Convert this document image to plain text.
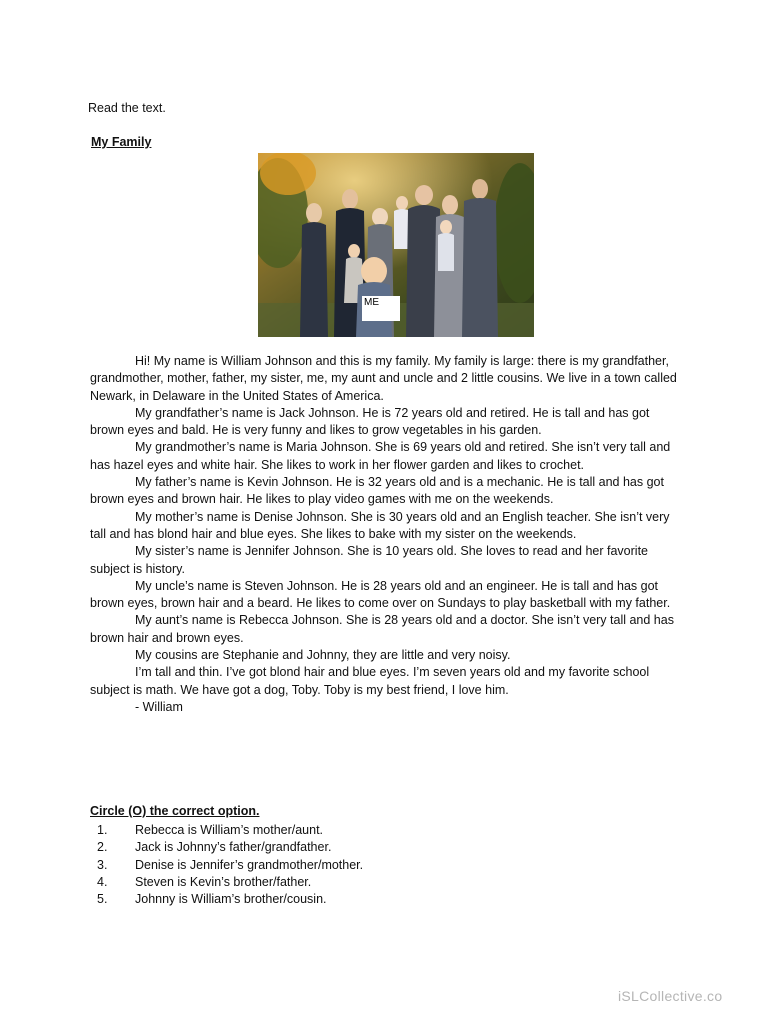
Read the text.
My Family
ME

Hi! My name is William Johnson and this is my family. My family is large: there is my grandfather, grandmother, mother, father, my sister, me, my aunt and uncle and 2 little cousins. We live in a town called Newark, in Delaware in the United States of America.

My grandfather’s name is Jack Johnson. He is 72 years old and retired. He is tall and has got brown eyes and bald. He is very funny and likes to grow vegetables in his garden.

My grandmother’s name is Maria Johnson. She is 69 years old and retired. She isn’t very tall and has hazel eyes and white hair. She likes to work in her flower garden and likes to crochet.

My father’s name is Kevin Johnson. He is 32 years old and is a mechanic. He is tall and has got brown eyes and brown hair. He likes to play video games with me on the weekends.

My mother’s name is Denise Johnson. She is 30 years old and an English teacher. She isn’t very tall and has blond hair and blue eyes. She likes to bake with my sister on the weekends.

My sister’s name is Jennifer Johnson. She is 10 years old. She loves to read and her favorite subject is history.

My uncle’s name is Steven Johnson. He is 28 years old and an engineer. He is tall and has got brown eyes, brown hair and a beard. He likes to come over on Sundays to play basketball with my father.

My aunt’s name is Rebecca Johnson. She is 28 years old and a doctor. She isn’t very tall and has brown hair and brown eyes.

My cousins are Stephanie and Johnny, they are little and very noisy.

I’m tall and thin. I’ve got blond hair and blue eyes. I’m seven years old and my favorite school subject is math. We have got a dog, Toby. Toby is my best friend, I love him.

- William
Circle (O) the correct option.
1.	Rebecca is William’s mother/aunt.
2.	Jack is Johnny’s father/grandfather.
3.	Denise is Jennifer’s grandmother/mother.
4.	Steven is Kevin’s brother/father.
5.	Johnny is William’s brother/cousin.
iSLCollective.co
